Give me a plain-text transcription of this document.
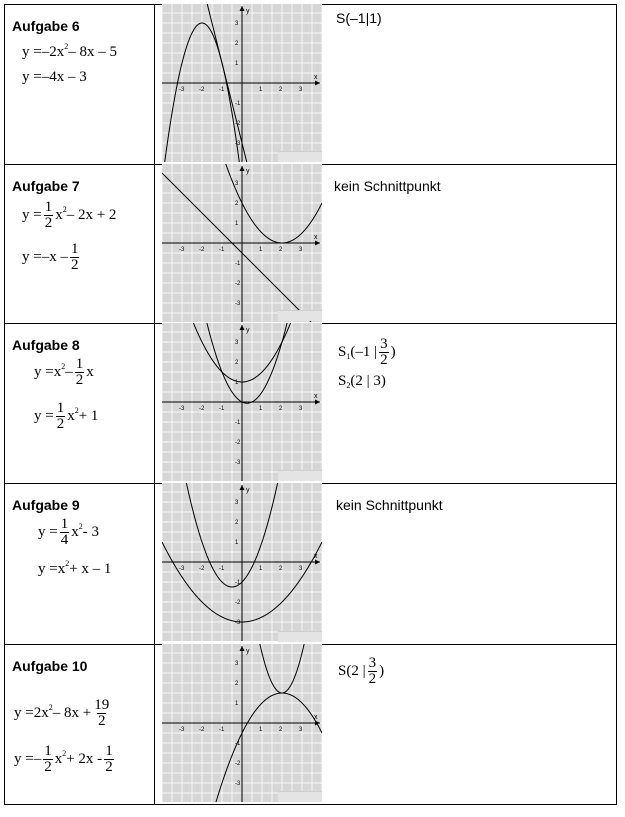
Aufgabe 6
y = –2x 2 – 8x – 5
y = –4x – 3	x
y
-3 -2 -1	1	2	3
3
2
1
-1
-2
-3
S(–1|1)
Aufgabe 7
$y = \frac{1}{2}$ x 2 – 2x + 2
$y = -x - \frac{1}{2}$
x
y
-3 -2 -1	1	2	3
3
2
1
-1
-2
-3
kein Schnittpunkt
Aufgabe 8
y = x $2 - \frac{1}{2}$ x
$y = \frac{1}{2}$ x 2 + 1
x
y
-3 -2 -1	1	2	3
3
2
1
-1
-2
-3
S 1 (–1 | $\frac{3}{2}$ )
S 2 (2 | 3)
Aufgabe 9
$y = \frac{1}{4}$ x 2 - 3
y = x 2 + x – 1
x
y
-3 -2 -1	1	2	3
3
2
1
-1
-2
-3
kein Schnittpunkt
Aufgabe 10
y = 2x $2 - 8x + \frac{19}{2}$
y = – $\frac{1}{2}$ x $2 + 2x - \frac{1}{2}$
x
y
-3 -2 -1	1	2	3
3
2
1
-1
-2
-3
S(2 | $\frac{3}{2}$ )
